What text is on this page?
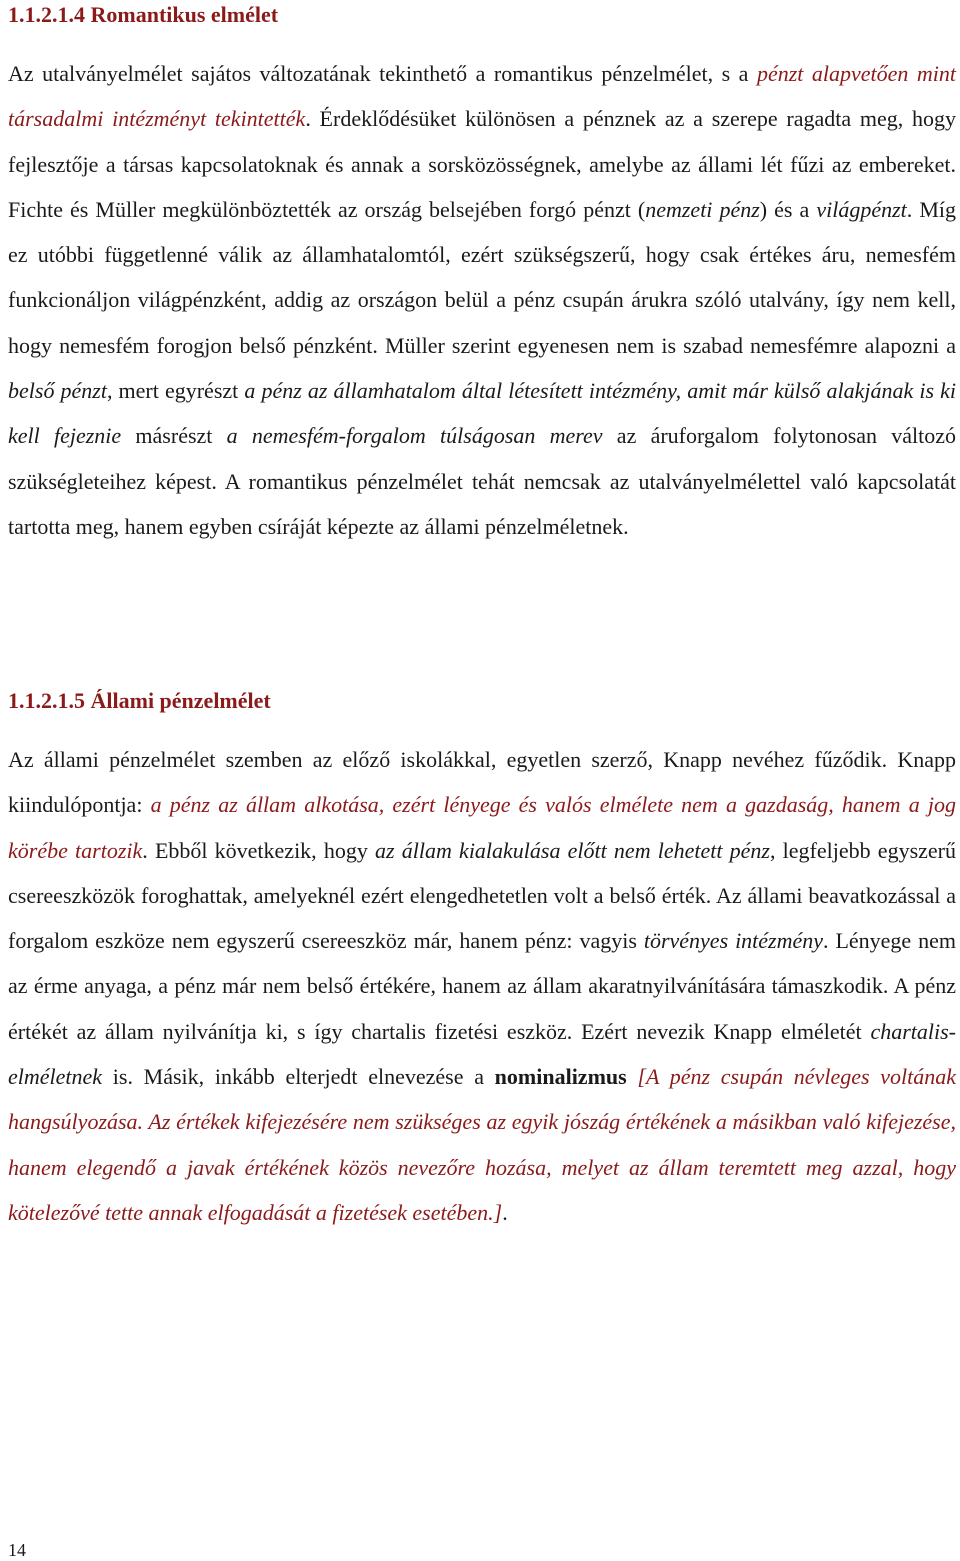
1.1.2.1.4 Romantikus elmélet

Az utalványelmélet sajátos változatának tekinthető a romantikus pénzelmélet, s a pénzt alapvetően mint társadalmi intézményt tekintették. Érdeklődésüket különösen a pénznek az a szerepe ragadta meg, hogy fejlesztője a társas kapcsolatoknak és annak a sorsközösségnek, amelybe az állami lét fűzi az embereket. Fichte és Müller megkülönböztették az ország belsejében forgó pénzt (nemzeti pénz) és a világpénzt. Míg ez utóbbi függetlenné válik az államhatalomtól, ezért szükségszerű, hogy csak értékes áru, nemesfém funkcionáljon világpénzként, addig az országon belül a pénz csupán árukra szóló utalvány, így nem kell, hogy nemesfém forogjon belső pénzként. Müller szerint egyenesen nem is szabad nemesfémre alapozni a belső pénzt, mert egyrészt a pénz az államhatalom által létesített intézmény, amit már külső alakjának is ki kell fejeznie másrészt a nemesfém-forgalom túlságosan merev az áruforgalom folytonosan változó szükségleteihez képest. A romantikus pénzelmélet tehát nemcsak az utalványelmélettel való kapcsolatát tartotta meg, hanem egyben csíráját képezte az állami pénzelméletnek.

1.1.2.1.5 Állami pénzelmélet

Az állami pénzelmélet szemben az előző iskolákkal, egyetlen szerző, Knapp nevéhez fűződik. Knapp kiindulópontja: a pénz az állam alkotása, ezért lényege és valós elmélete nem a gazdaság, hanem a jog körébe tartozik. Ebből következik, hogy az állam kialakulása előtt nem lehetett pénz, legfeljebb egyszerű csereeszközök foroghattak, amelyeknél ezért elengedhetetlen volt a belső érték. Az állami beavatkozással a forgalom eszköze nem egyszerű csereeszköz már, hanem pénz: vagyis törvényes intézmény. Lényege nem az érme anyaga, a pénz már nem belső értékére, hanem az állam akaratnyilvánítására támaszkodik. A pénz értékét az állam nyilvánítja ki, s így chartalis fizetési eszköz. Ezért nevezik Knapp elméletét chartalis-elméletnek is. Másik, inkább elterjedt elnevezése a nominalizmus [A pénz csupán névleges voltának hangsúlyozása. Az értékek kifejezésére nem szükséges az egyik jószág értékének a másikban való kifejezése, hanem elegendő a javak értékének közös nevezőre hozása, melyet az állam teremtett meg azzal, hogy kötelezővé tette annak elfogadását a fizetések esetében.].

14
